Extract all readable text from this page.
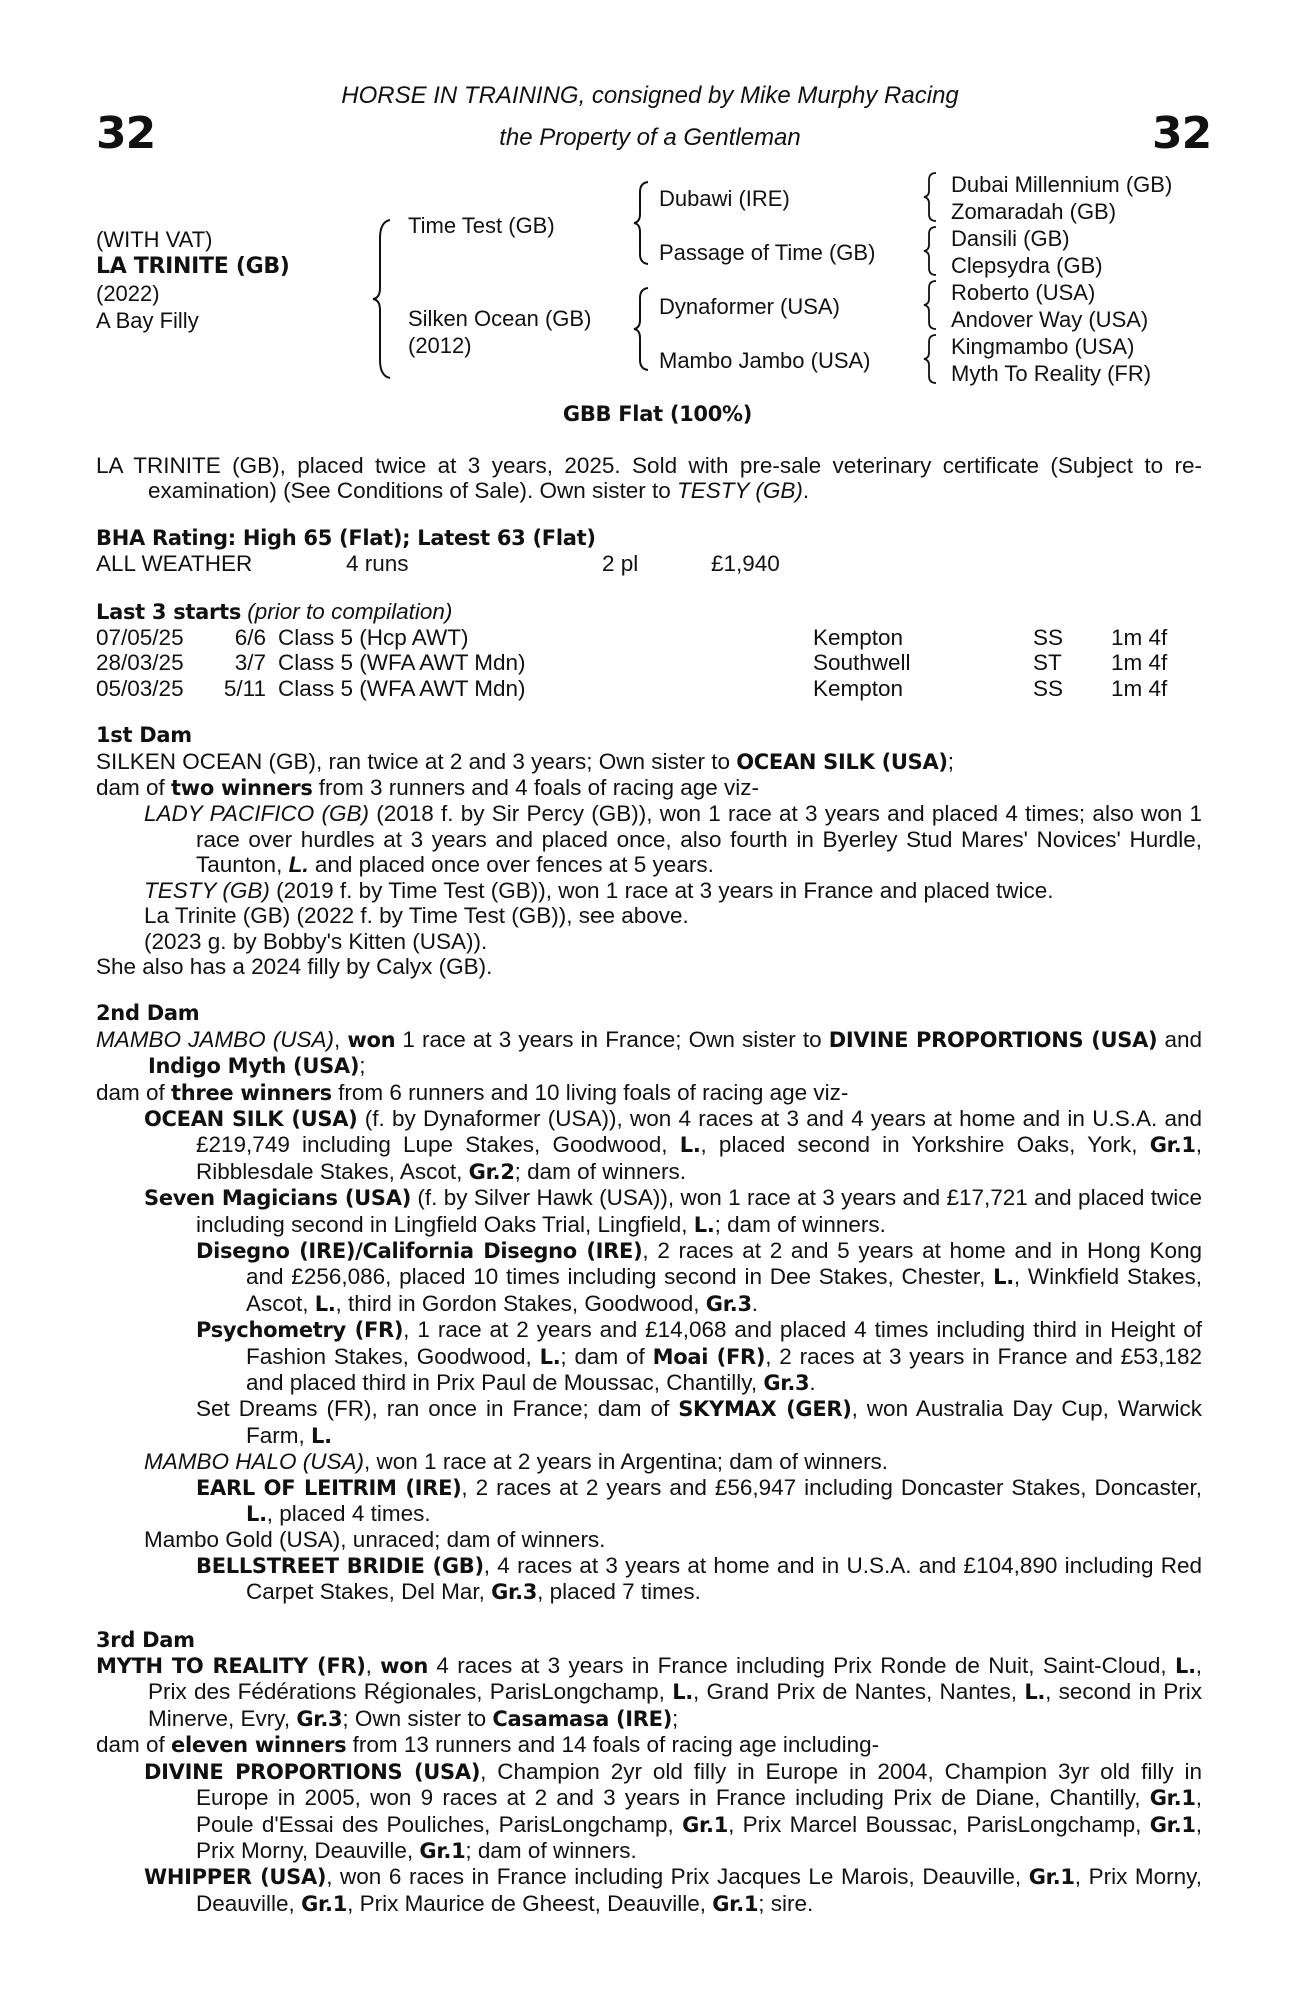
32	32
HORSE IN TRAINING, consigned by Mike Murphy Racing
the Property of a Gentleman
(WITH VAT)
LA TRINITE (GB)
(2022)
A Bay Filly
Time Test (GB)
Silken Ocean (GB)
(2012)
Dubawi (IRE)
Passage of Time (GB)
Dynaformer (USA)
Mambo Jambo (USA)
Dubai Millennium (GB)
Zomaradah (GB)
Dansili (GB)
Clepsydra (GB)
Roberto (USA)
Andover Way (USA)
Kingmambo (USA)
Myth To Reality (FR)
GBB Flat (100%)

LA TRINITE (GB), placed twice at 3 years, 2025. Sold with pre-sale veterinary certificate (Subject to re-examination) (See Conditions of Sale). Own sister to TESTY (GB).

BHA Rating: High 65 (Flat); Latest 63 (Flat)
ALL WEATHER	4 runs	2 pl	£1,940
Last 3 starts (prior to compilation)
07/05/25	6/6 Class 5 (Hcp AWT)	Kempton	SS	1m 4f
28/03/25	3/7 Class 5 (WFA AWT Mdn)	Southwell	ST	1m 4f
05/03/25	5/11 Class 5 (WFA AWT Mdn)	Kempton	SS	1m 4f
1st Dam

SILKEN OCEAN (GB), ran twice at 2 and 3 years; Own sister to OCEAN SILK (USA);

dam of two winners from 3 runners and 4 foals of racing age viz-

LADY PACIFICO (GB) (2018 f. by Sir Percy (GB)), won 1 race at 3 years and placed 4 times; also won 1 race over hurdles at 3 years and placed once, also fourth in Byerley Stud Mares' Novices' Hurdle, Taunton, L. and placed once over fences at 5 years.

TESTY (GB) (2019 f. by Time Test (GB)), won 1 race at 3 years in France and placed twice.

La Trinite (GB) (2022 f. by Time Test (GB)), see above.

(2023 g. by Bobby's Kitten (USA)).

She also has a 2024 filly by Calyx (GB).

2nd Dam

MAMBO JAMBO (USA), won 1 race at 3 years in France; Own sister to DIVINE PROPORTIONS (USA) and Indigo Myth (USA);

dam of three winners from 6 runners and 10 living foals of racing age viz-

OCEAN SILK (USA) (f. by Dynaformer (USA)), won 4 races at 3 and 4 years at home and in U.S.A. and £219,749 including Lupe Stakes, Goodwood, L., placed second in Yorkshire Oaks, York, Gr.1, Ribblesdale Stakes, Ascot, Gr.2; dam of winners.

Seven Magicians (USA) (f. by Silver Hawk (USA)), won 1 race at 3 years and £17,721 and placed twice including second in Lingfield Oaks Trial, Lingfield, L.; dam of winners.

Disegno (IRE)/California Disegno (IRE), 2 races at 2 and 5 years at home and in Hong Kong and £256,086, placed 10 times including second in Dee Stakes, Chester, L., Winkfield Stakes, Ascot, L., third in Gordon Stakes, Goodwood, Gr.3.

Psychometry (FR), 1 race at 2 years and £14,068 and placed 4 times including third in Height of Fashion Stakes, Goodwood, L.; dam of Moai (FR), 2 races at 3 years in France and £53,182 and placed third in Prix Paul de Moussac, Chantilly, Gr.3.

Set Dreams (FR), ran once in France; dam of SKYMAX (GER), won Australia Day Cup, Warwick Farm, L.

MAMBO HALO (USA), won 1 race at 2 years in Argentina; dam of winners.

EARL OF LEITRIM (IRE), 2 races at 2 years and £56,947 including Doncaster Stakes, Doncaster, L., placed 4 times.

Mambo Gold (USA), unraced; dam of winners.

BELLSTREET BRIDIE (GB), 4 races at 3 years at home and in U.S.A. and £104,890 including Red Carpet Stakes, Del Mar, Gr.3, placed 7 times.

3rd Dam

MYTH TO REALITY (FR), won 4 races at 3 years in France including Prix Ronde de Nuit, Saint-Cloud, L., Prix des Fédérations Régionales, ParisLongchamp, L., Grand Prix de Nantes, Nantes, L., second in Prix Minerve, Evry, Gr.3; Own sister to Casamasa (IRE);

dam of eleven winners from 13 runners and 14 foals of racing age including-

DIVINE PROPORTIONS (USA), Champion 2yr old filly in Europe in 2004, Champion 3yr old filly in Europe in 2005, won 9 races at 2 and 3 years in France including Prix de Diane, Chantilly, Gr.1, Poule d'Essai des Pouliches, ParisLongchamp, Gr.1, Prix Marcel Boussac, ParisLongchamp, Gr.1, Prix Morny, Deauville, Gr.1; dam of winners.

WHIPPER (USA), won 6 races in France including Prix Jacques Le Marois, Deauville, Gr.1, Prix Morny, Deauville, Gr.1, Prix Maurice de Gheest, Deauville, Gr.1; sire.
